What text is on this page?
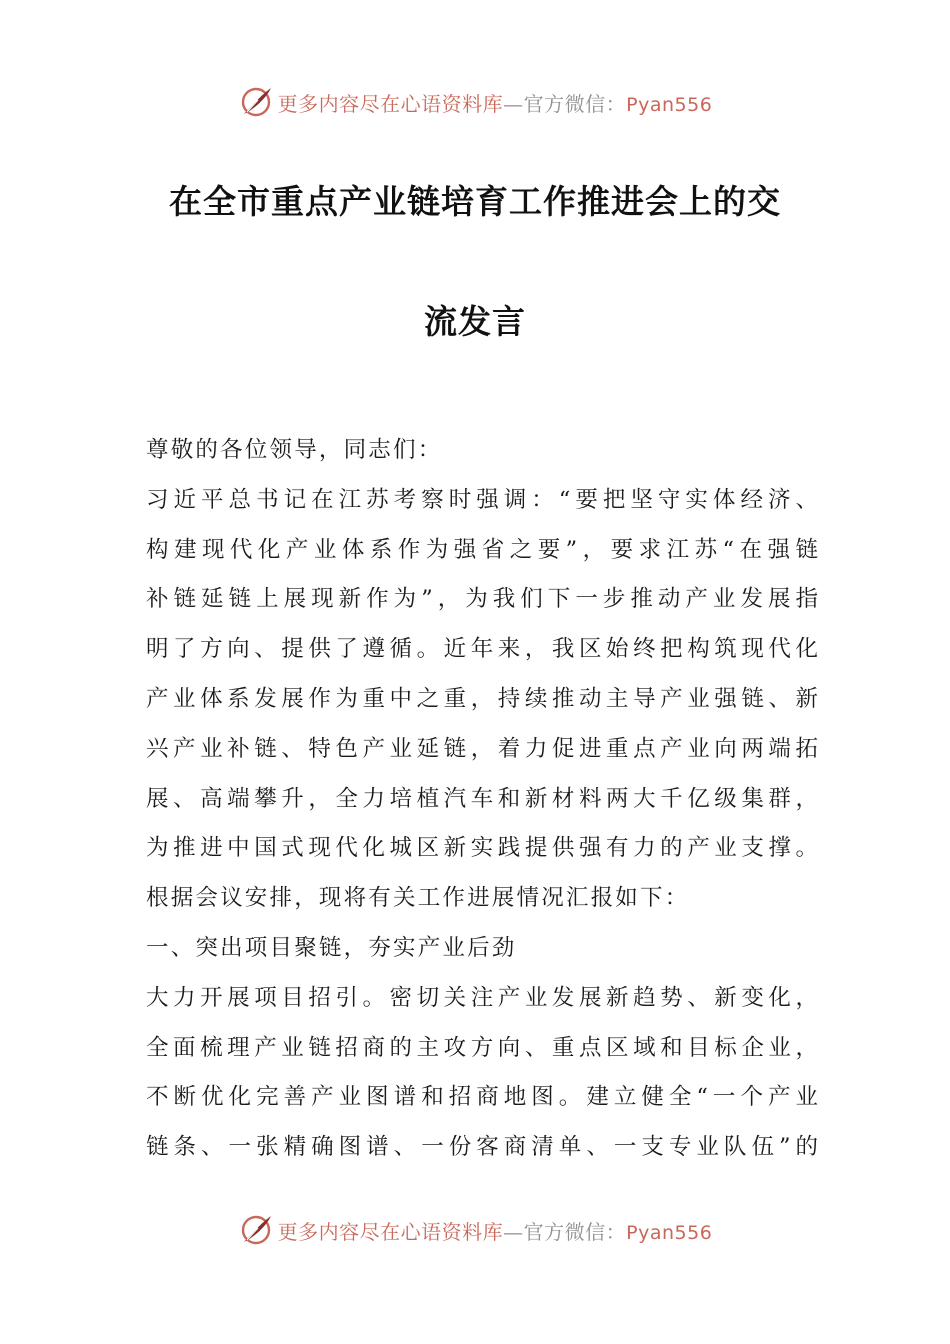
更多内容尽在心语资料库—官方微信：Pyan556
在全市重点产业链培育工作推进会上的交
流发言
尊敬的各位领导，同志们：
习近平总书记在江苏考察时强调：“要把坚守实体经济、
构建现代化产业体系作为强省之要”，要求江苏“在强链
补链延链上展现新作为”，为我们下一步推动产业发展指
明了方向、提供了遵循。近年来，我区始终把构筑现代化
产业体系发展作为重中之重，持续推动主导产业强链、新
兴产业补链、特色产业延链，着力促进重点产业向两端拓
展、高端攀升，全力培植汽车和新材料两大千亿级集群，
为推进中国式现代化城区新实践提供强有力的产业支撑。
根据会议安排，现将有关工作进展情况汇报如下：
一、突出项目聚链，夯实产业后劲
大力开展项目招引。密切关注产业发展新趋势、新变化，
全面梳理产业链招商的主攻方向、重点区域和目标企业，
不断优化完善产业图谱和招商地图。建立健全“一个产业
链条、一张精确图谱、一份客商清单、一支专业队伍”的
更多内容尽在心语资料库—官方微信：Pyan556
